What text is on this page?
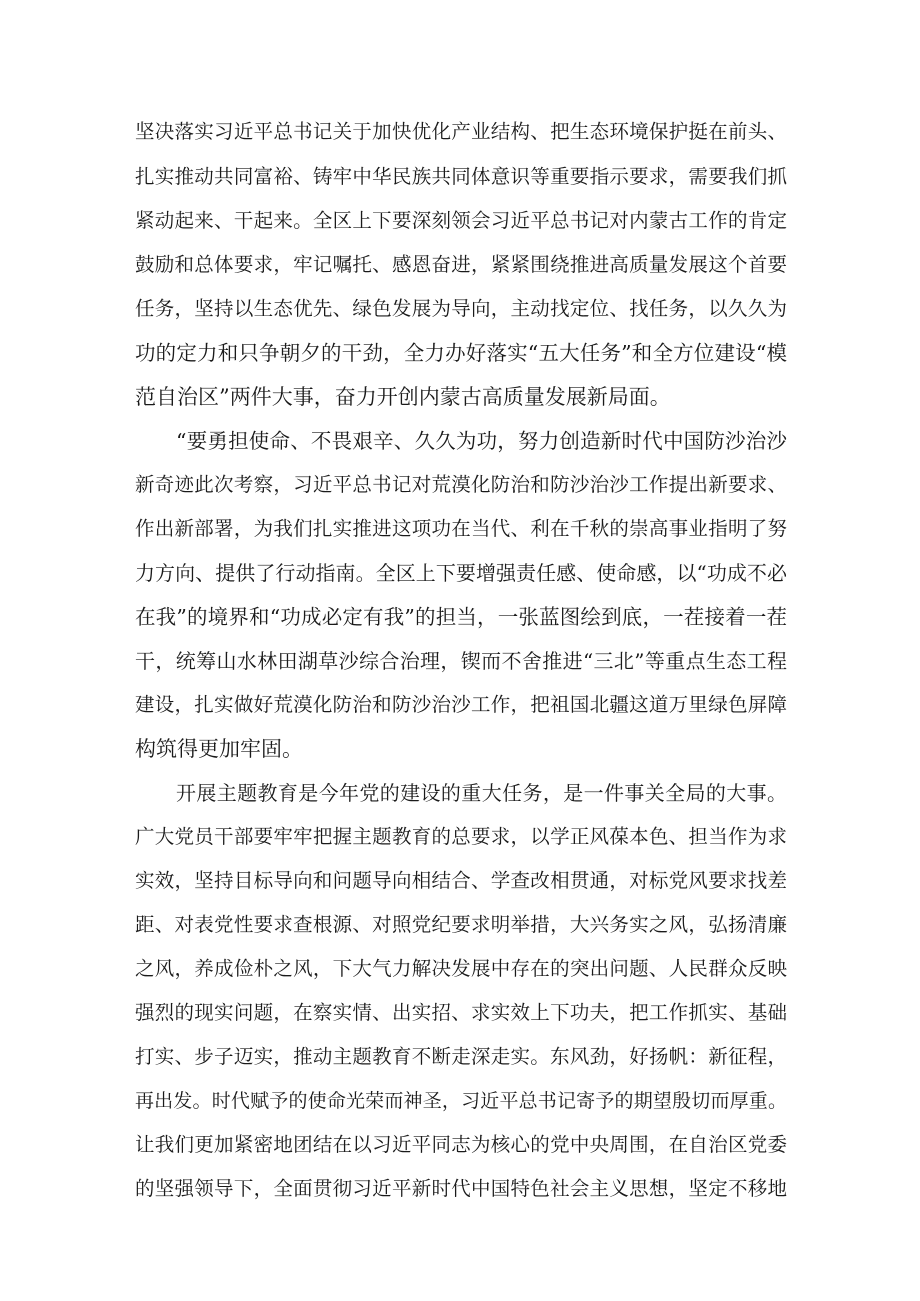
坚决落实习近平总书记关于加快优化产业结构、把生态环境保护挺在前头、
扎实推动共同富裕、铸牢中华民族共同体意识等重要指示要求，需要我们抓
紧动起来、干起来。全区上下要深刻领会习近平总书记对内蒙古工作的肯定
鼓励和总体要求，牢记嘱托、感恩奋进，紧紧围绕推进高质量发展这个首要
任务，坚持以生态优先、绿色发展为导向，主动找定位、找任务，以久久为
功的定力和只争朝夕的干劲，全力办好落实“五大任务”和全方位建设“模
范自治区”两件大事，奋力开创内蒙古高质量发展新局面。
“要勇担使命、不畏艰辛、久久为功，努力创造新时代中国防沙治沙
新奇迹此次考察，习近平总书记对荒漠化防治和防沙治沙工作提出新要求、
作出新部署，为我们扎实推进这项功在当代、利在千秋的崇高事业指明了努
力方向、提供了行动指南。全区上下要增强责任感、使命感，以“功成不必
在我”的境界和“功成必定有我”的担当，一张蓝图绘到底，一茬接着一茬
干，统筹山水林田湖草沙综合治理，锲而不舍推进“三北”等重点生态工程
建设，扎实做好荒漠化防治和防沙治沙工作，把祖国北疆这道万里绿色屏障
构筑得更加牢固。
开展主题教育是今年党的建设的重大任务，是一件事关全局的大事。
广大党员干部要牢牢把握主题教育的总要求，以学正风葆本色、担当作为求
实效，坚持目标导向和问题导向相结合、学查改相贯通，对标党风要求找差
距、对表党性要求查根源、对照党纪要求明举措，大兴务实之风，弘扬清廉
之风，养成俭朴之风，下大气力解决发展中存在的突出问题、人民群众反映
强烈的现实问题，在察实情、出实招、求实效上下功夫，把工作抓实、基础
打实、步子迈实，推动主题教育不断走深走实。东风劲，好扬帆：新征程，
再出发。时代赋予的使命光荣而神圣，习近平总书记寄予的期望殷切而厚重。
让我们更加紧密地团结在以习近平同志为核心的党中央周围，在自治区党委
的坚强领导下，全面贯彻习近平新时代中国特色社会主义思想，坚定不移地
